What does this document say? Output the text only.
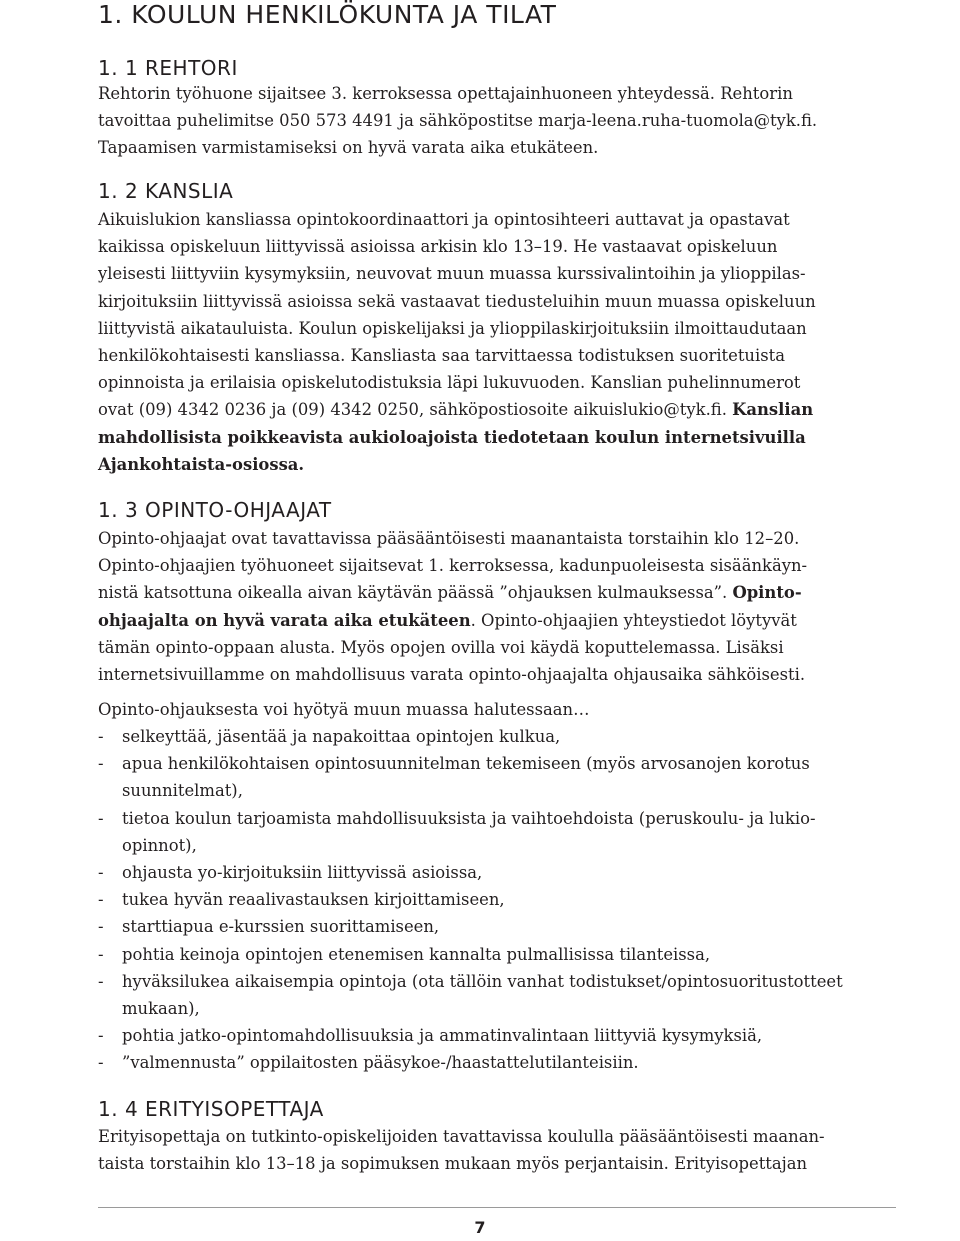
1. KOULUN HENKILÖKUNTA JA TILAT
1. 1 REHTORI
Rehtorin työhuone sijaitsee 3. kerroksessa opettajainhuoneen yhteydessä. Rehtorin
tavoittaa puhelimitse 050 573 4491 ja sähköpostitse marja-leena.ruha-tuomola@tyk.fi.
Tapaamisen varmistamiseksi on hyvä varata aika etukäteen.
1. 2 KANSLIA
Aikuislukion kansliassa opintokoordinaattori ja opintosihteeri auttavat ja opastavat
kaikissa opiskeluun liittyvissä asioissa arkisin klo 13–19. He vastaavat opiskeluun
yleisesti liittyviin kysymyksiin, neuvovat muun muassa kurssivalintoihin ja ylioppilas-
kirjoituksiin liittyvissä asioissa sekä vastaavat tiedusteluihin muun muassa opiskeluun
liittyvistä aikatauluista. Koulun opiskelijaksi ja ylioppilaskirjoituksiin ilmoittaudutaan
henkilökohtaisesti kansliassa. Kansliasta saa tarvittaessa todistuksen suoritetuista
opinnoista ja erilaisia opiskelutodistuksia läpi lukuvuoden. Kanslian puhelinnumerot
ovat (09) 4342 0236 ja (09) 4342 0250, sähköpostiosoite aikuislukio@tyk.fi. Kanslian
mahdollisista poikkeavista aukioloajoista tiedotetaan koulun internetsivuilla
Ajankohtaista-osiossa.
1. 3 OPINTO-OHJAAJAT
Opinto-ohjaajat ovat tavattavissa pääsääntöisesti maanantaista torstaihin klo 12–20.
Opinto-ohjaajien työhuoneet sijaitsevat 1. kerroksessa, kadunpuoleisesta sisäänkäyn-
nistä katsottuna oikealla aivan käytävän päässä ”ohjauksen kulmauksessa”. Opinto-
ohjaajalta on hyvä varata aika etukäteen. Opinto-ohjaajien yhteystiedot löytyvät
tämän opinto-oppaan alusta. Myös opojen ovilla voi käydä koputtelemassa. Lisäksi
internetsivuillamme on mahdollisuus varata opinto-ohjaajalta ohjausaika sähköisesti.
Opinto-ohjauksesta voi hyötyä muun muassa halutessaan…
- selkeyttää, jäsentää ja napakoittaa opintojen kulkua,
- apua henkilökohtaisen opintosuunnitelman tekemiseen (myös arvosanojen korotus
suunnitelmat),
- tietoa koulun tarjoamista mahdollisuuksista ja vaihtoehdoista (peruskoulu- ja lukio-
opinnot),
- ohjausta yo-kirjoituksiin liittyvissä asioissa,
- tukea hyvän reaalivastauksen kirjoittamiseen,
- starttiapua e-kurssien suorittamiseen,
- pohtia keinoja opintojen etenemisen kannalta pulmallisissa tilanteissa,
- hyväksilukea aikaisempia opintoja (ota tällöin vanhat todistukset/opintosuoritustotteet
mukaan),
- pohtia jatko-opintomahdollisuuksia ja ammatinvalintaan liittyviä kysymyksiä,
- ”valmennusta” oppilaitosten pääsykoe-/haastattelutilanteisiin.
1. 4 ERITYISOPETTAJA
Erityisopettaja on tutkinto-opiskelijoiden tavattavissa koululla pääsääntöisesti maanan-
taista torstaihin klo 13–18 ja sopimuksen mukaan myös perjantaisin. Erityisopettajan
7
